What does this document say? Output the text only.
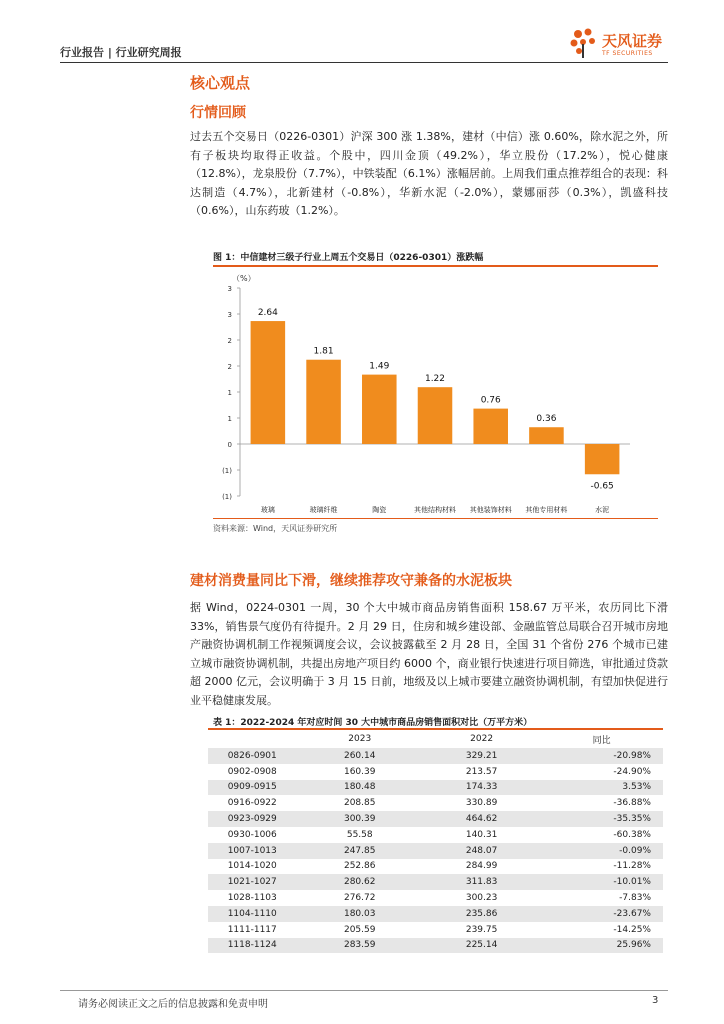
行业报告 | 行业研究周报
天风证券
TF SECURITIES
核心观点
行情回顾
过去五个交易日（0226-0301）沪深 300 涨 1.38%，建材（中信）涨 0.60%，除水泥之外，所有子板块均取得正收益。个股中，四川金顶（49.2%），华立股份（17.2%），悦心健康（12.8%），龙泉股份（7.7%），中铁装配（6.1%）涨幅居前。上周我们重点推荐组合的表现：科达制造（4.7%），北新建材（-0.8%），华新水泥（-2.0%），蒙娜丽莎（0.3%），凯盛科技（0.6%），山东药玻（1.2%）。
图 1：中信建材三级子行业上周五个交易日（0226-0301）涨跌幅
（%）
3
3
2
2
1
1
0
(1)
(1)
2.64
1.81
1.49
1.22
0.76
0.36
-0.65
玻璃	玻璃纤维	陶瓷	其他结构材料 其他装饰材料 其他专用材料	水泥
资料来源：Wind，天风证券研究所
建材消费量同比下滑，继续推荐攻守兼备的水泥板块
据 Wind，0224-0301 一周，30 个大中城市商品房销售面积 158.67 万平米，农历同比下滑 33%，销售景气度仍有待提升。2 月 29 日，住房和城乡建设部、金融监管总局联合召开城市房地产融资协调机制工作视频调度会议，会议披露截至 2 月 28 日，全国 31 个省份 276 个城市已建立城市融资协调机制，共提出房地产项目约 6000 个，商业银行快速进行项目筛选，审批通过贷款超 2000 亿元，会议明确于 3 月 15 日前，地级及以上城市要建立融资协调机制，有望加快促进行业平稳健康发展。
表 1：2022-2024 年对应时间 30 大中城市商品房销售面积对比（万平方米）
	2023	2022	同比
0826-0901	260.14	329.21	-20.98%
0902-0908	160.39	213.57	-24.90%
0909-0915	180.48	174.33	3.53%
0916-0922	208.85	330.89	-36.88%
0923-0929	300.39	464.62	-35.35%
0930-1006	55.58	140.31	-60.38%
1007-1013	247.85	248.07	-0.09%
1014-1020	252.86	284.99	-11.28%
1021-1027	280.62	311.83	-10.01%
1028-1103	276.72	300.23	-7.83%
1104-1110	180.03	235.86	-23.67%
1111-1117	205.59	239.75	-14.25%
1118-1124	283.59	225.14	25.96%
请务必阅读正文之后的信息披露和免责申明	3
